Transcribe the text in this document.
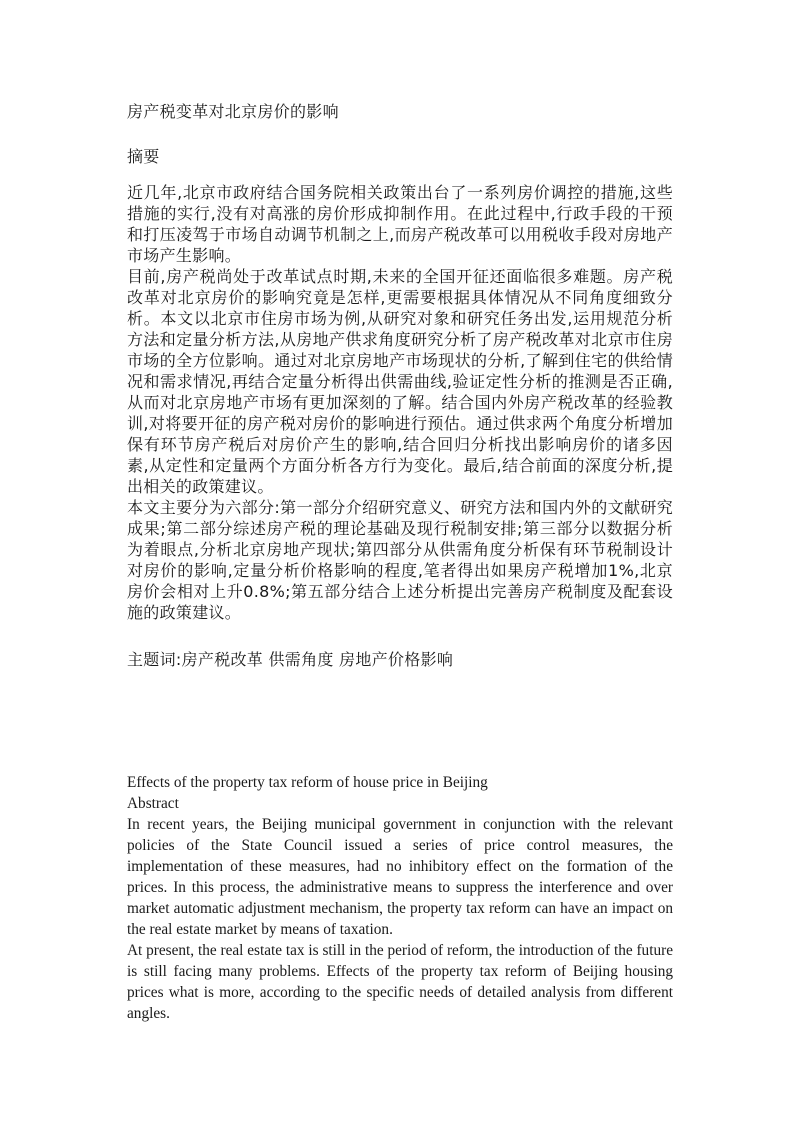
房产税变革对北京房价的影响
摘要

近几年,北京市政府结合国务院相关政策出台了一系列房价调控的措施,这些措施的实行,没有对高涨的房价形成抑制作用。在此过程中,行政手段的干预和打压凌驾于市场自动调节机制之上,而房产税改革可以用税收手段对房地产市场产生影响。

目前,房产税尚处于改革试点时期,未来的全国开征还面临很多难题。房产税改革对北京房价的影响究竟是怎样,更需要根据具体情况从不同角度细致分析。本文以北京市住房市场为例,从研究对象和研究任务出发,运用规范分析方法和定量分析方法,从房地产供求角度研究分析了房产税改革对北京市住房市场的全方位影响。通过对北京房地产市场现状的分析,了解到住宅的供给情况和需求情况,再结合定量分析得出供需曲线,验证定性分析的推测是否正确,从而对北京房地产市场有更加深刻的了解。结合国内外房产税改革的经验教训,对将要开征的房产税对房价的影响进行预估。通过供求两个角度分析增加保有环节房产税后对房价产生的影响,结合回归分析找出影响房价的诸多因素,从定性和定量两个方面分析各方行为变化。最后,结合前面的深度分析,提出相关的政策建议。

本文主要分为六部分:第一部分介绍研究意义、研究方法和国内外的文献研究成果;第二部分综述房产税的理论基础及现行税制安排;第三部分以数据分析为着眼点,分析北京房地产现状;第四部分从供需角度分析保有环节税制设计对房价的影响,定量分析价格影响的程度,笔者得出如果房产税增加1%,北京房价会相对上升0.8%;第五部分结合上述分析提出完善房产税制度及配套设施的政策建议。

主题词:房产税改革 供需角度 房地产价格影响
Effects of the property tax reform of house price in Beijing
Abstract

In recent years, the Beijing municipal government in conjunction with the relevant policies of the State Council issued a series of price control measures, the implementation of these measures, had no inhibitory effect on the formation of the prices. In this process, the administrative means to suppress the interference and over market automatic adjustment mechanism, the property tax reform can have an impact on the real estate market by means of taxation.

At present, the real estate tax is still in the period of reform, the introduction of the future is still facing many problems. Effects of the property tax reform of Beijing housing prices what is more, according to the specific needs of detailed analysis from different angles.
